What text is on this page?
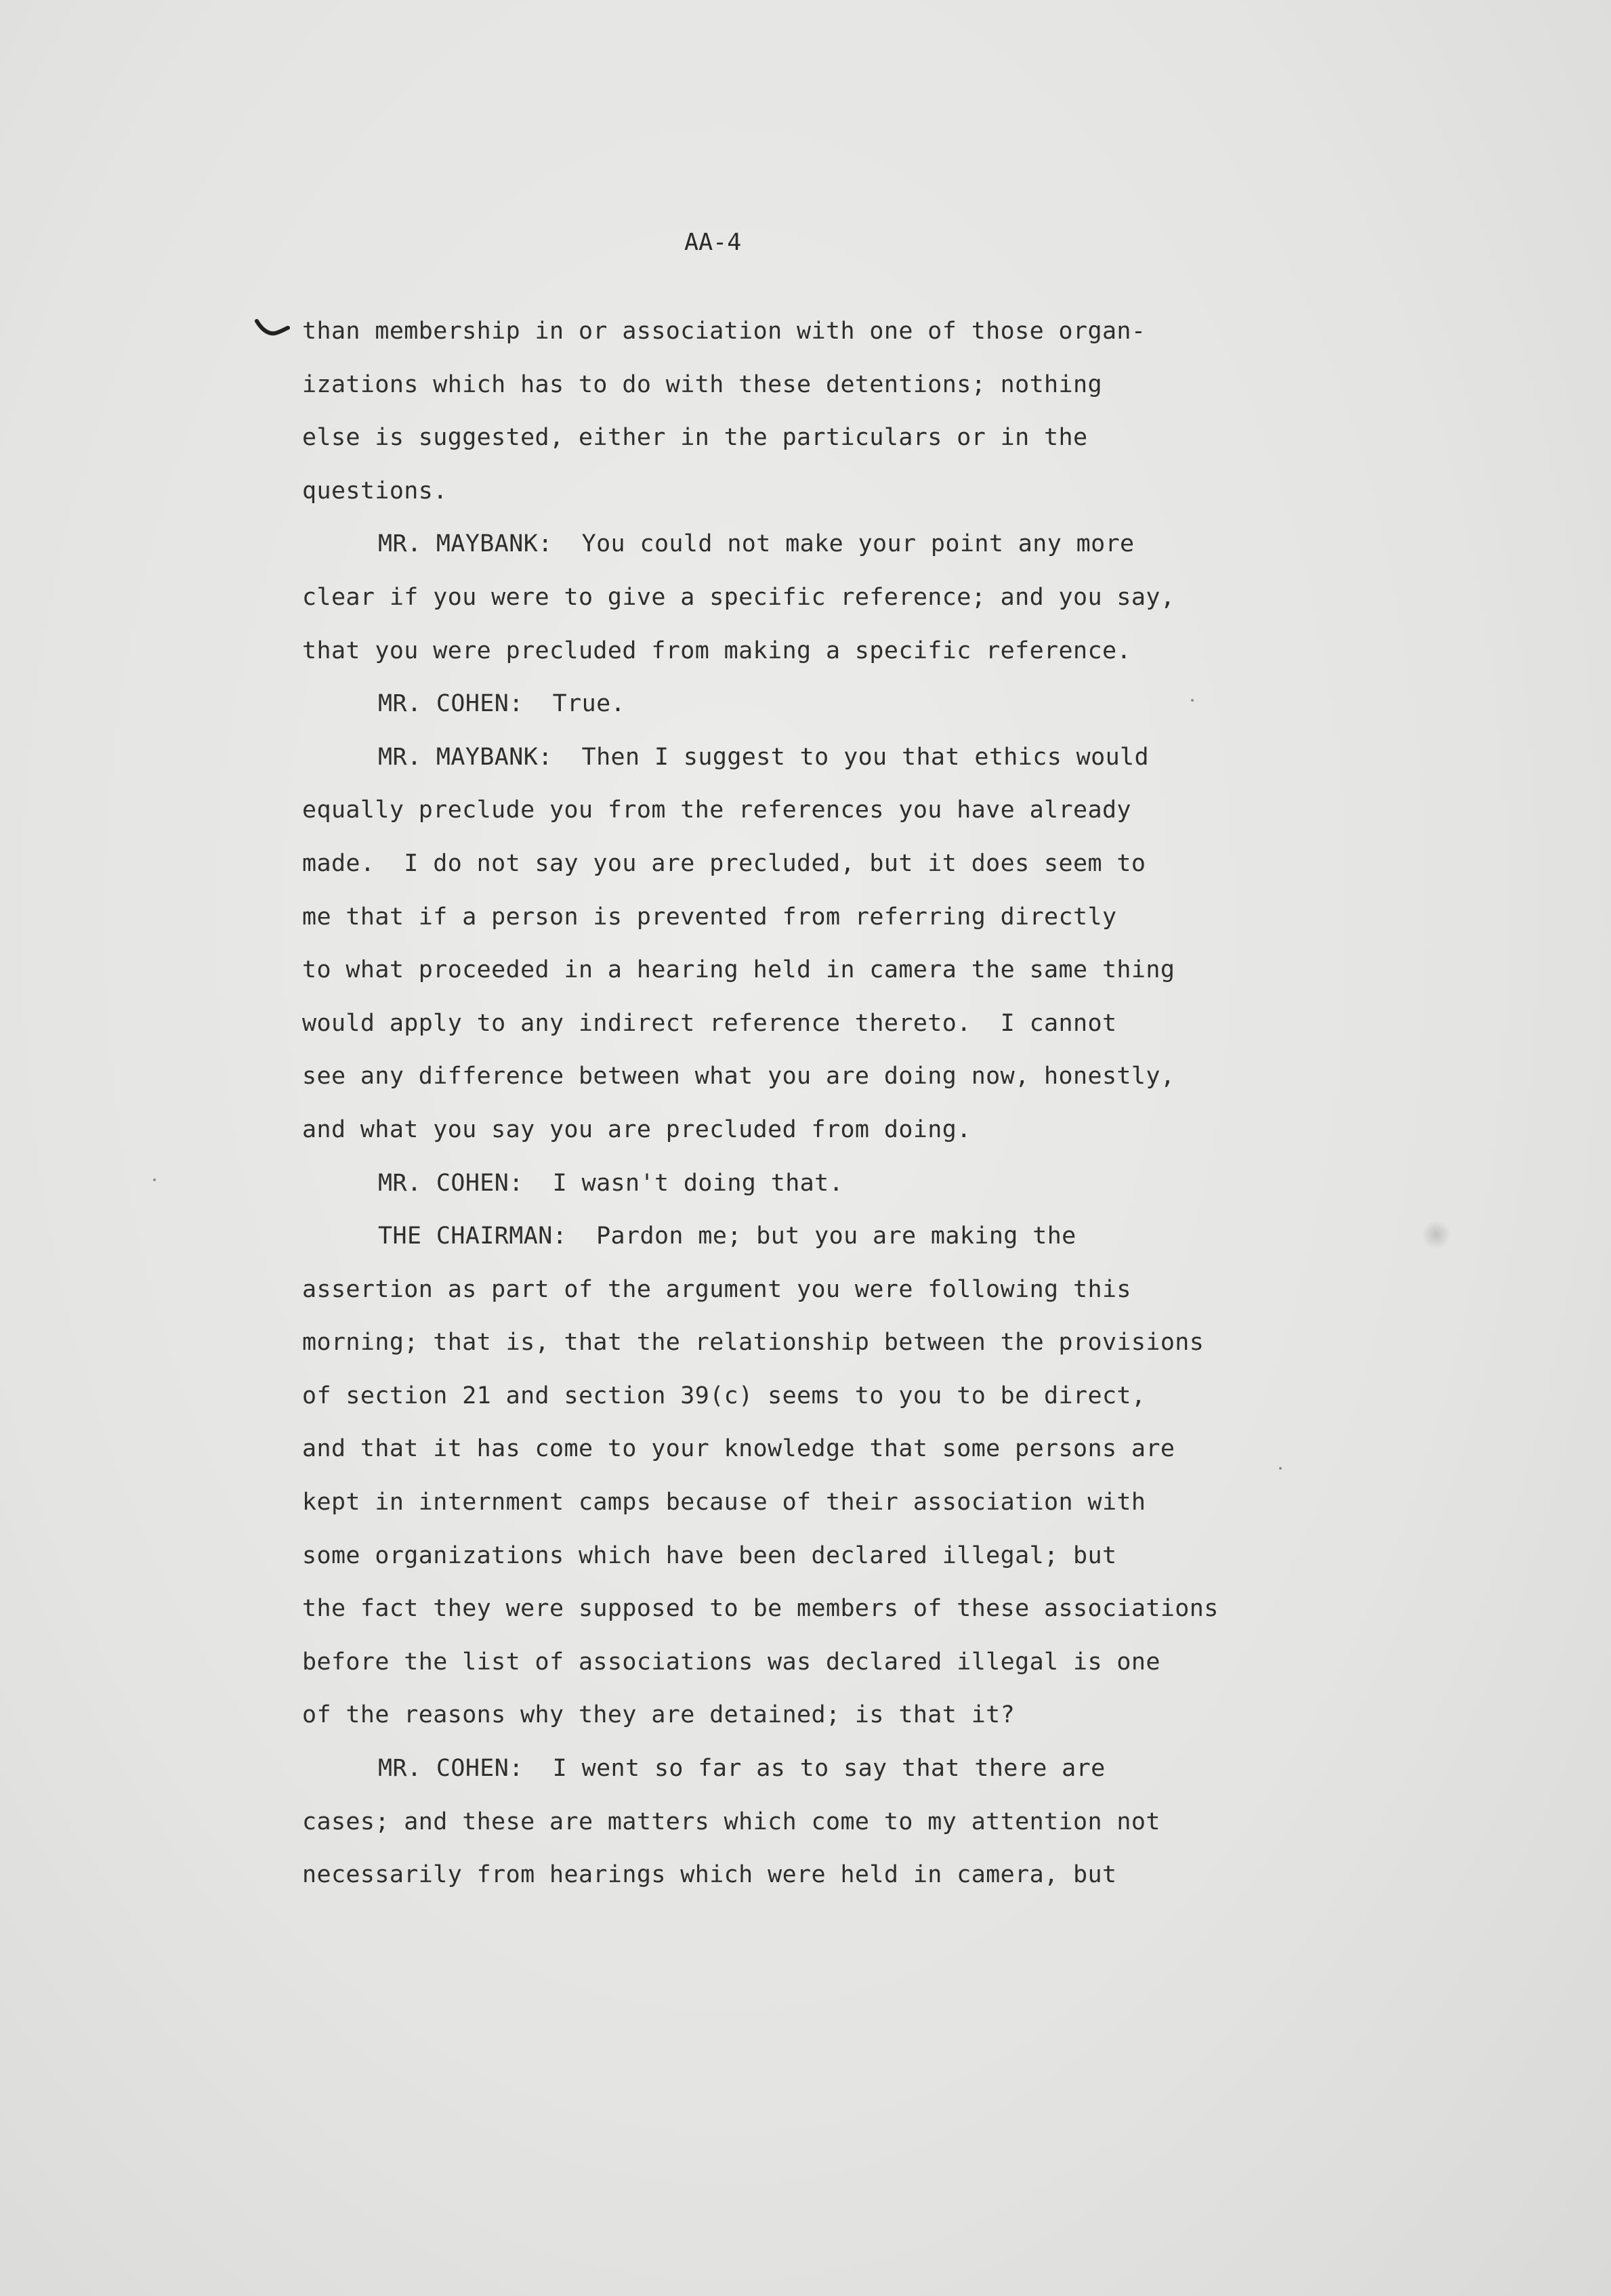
AA-4
than membership in or association with one of those organ-
izations which has to do with these detentions; nothing
else is suggested, either in the particulars or in the
questions.
MR. MAYBANK:  You could not make your point any more
clear if you were to give a specific reference; and you say,
that you were precluded from making a specific reference.
MR. COHEN:  True.
MR. MAYBANK:  Then I suggest to you that ethics would
equally preclude you from the references you have already
made.  I do not say you are precluded, but it does seem to
me that if a person is prevented from referring directly
to what proceeded in a hearing held in camera the same thing
would apply to any indirect reference thereto.  I cannot
see any difference between what you are doing now, honestly,
and what you say you are precluded from doing.
MR. COHEN:  I wasn't doing that.
THE CHAIRMAN:  Pardon me; but you are making the
assertion as part of the argument you were following this
morning; that is, that the relationship between the provisions
of section 21 and section 39(c) seems to you to be direct,
and that it has come to your knowledge that some persons are
kept in internment camps because of their association with
some organizations which have been declared illegal; but
the fact they were supposed to be members of these associations
before the list of associations was declared illegal is one
of the reasons why they are detained; is that it?
MR. COHEN:  I went so far as to say that there are
cases; and these are matters which come to my attention not
necessarily from hearings which were held in camera, but
